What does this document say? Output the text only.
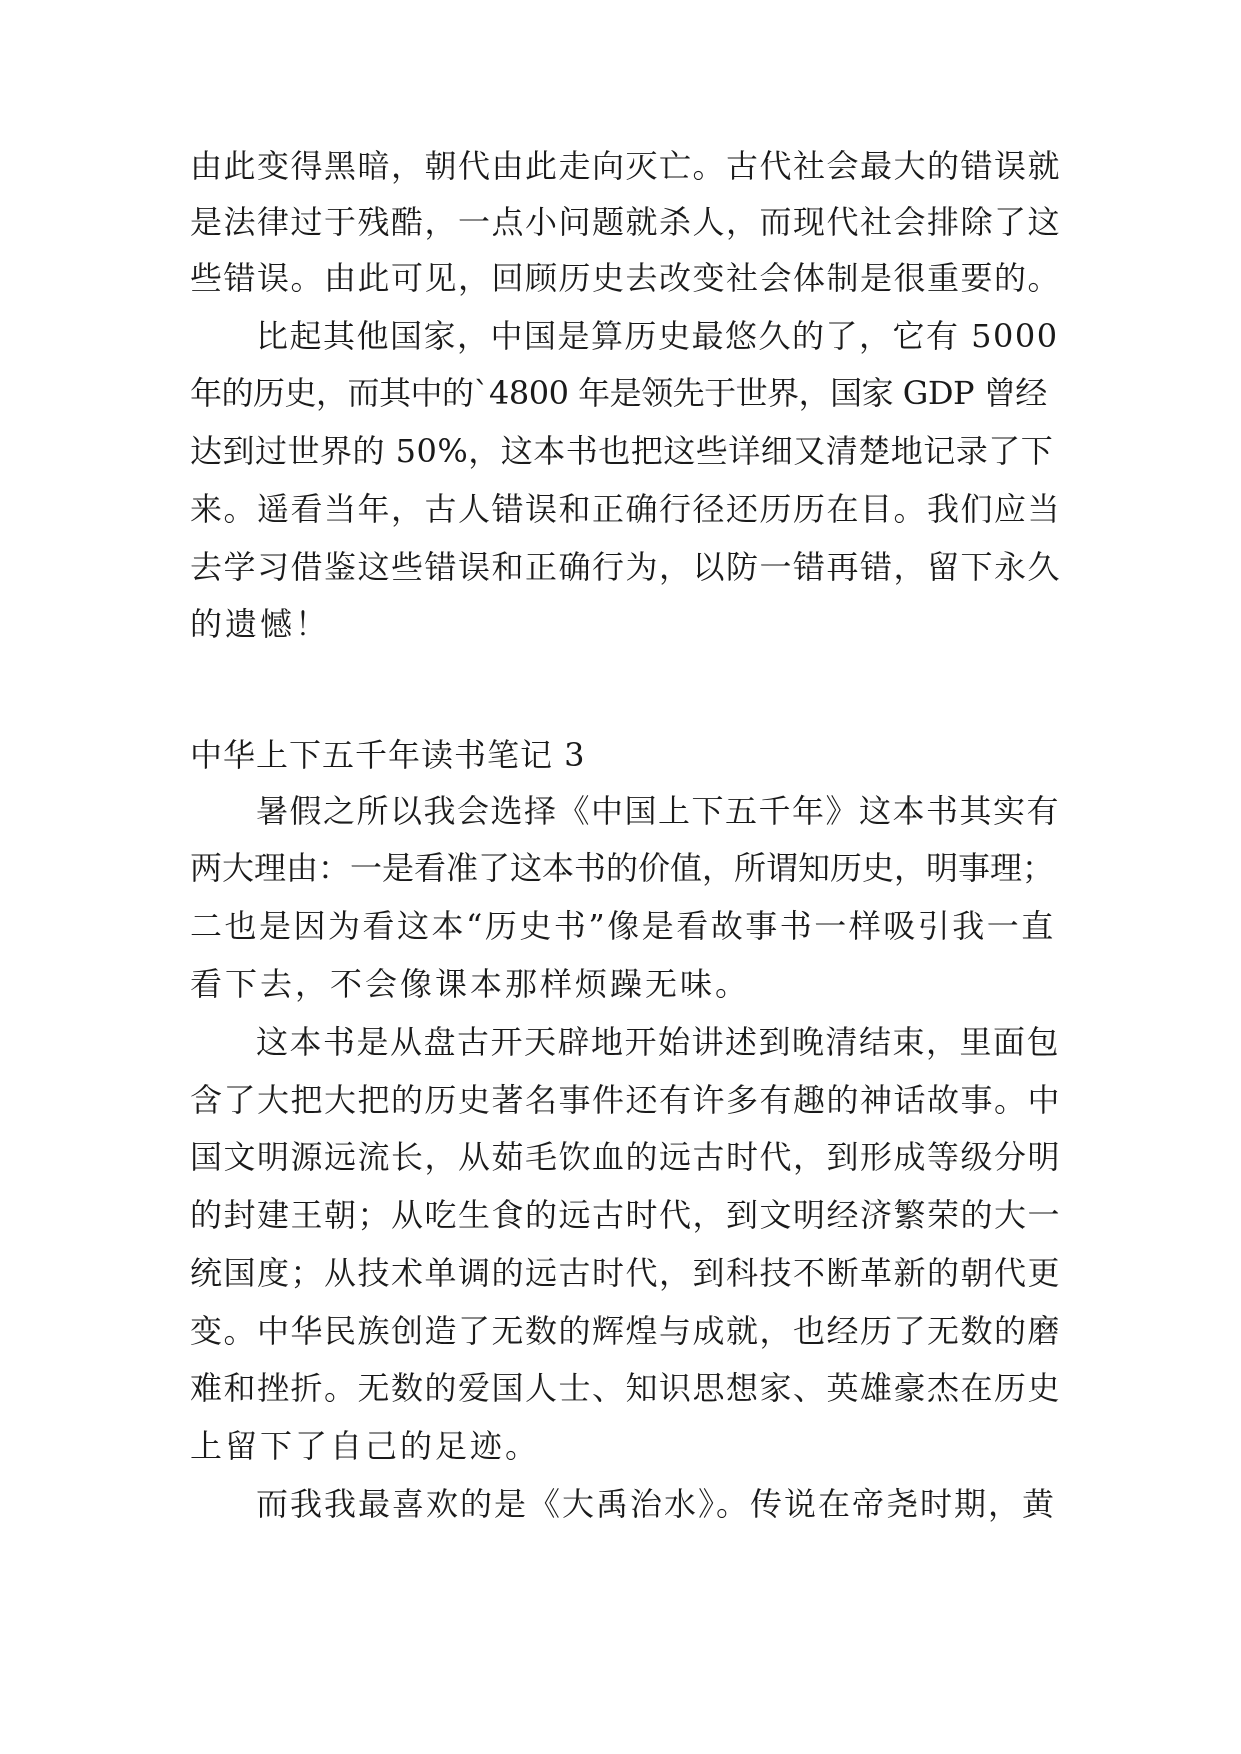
由此变得黑暗，朝代由此走向灭亡。古代社会最大的错误就
是法律过于残酷，一点小问题就杀人，而现代社会排除了这
些错误。由此可见，回顾历史去改变社会体制是很重要的。
比起其他国家，中国是算历史最悠久的了，它有 5000
年的历史，而其中的`4800 年是领先于世界，国家 GDP 曾经
达到过世界的 50%，这本书也把这些详细又清楚地记录了下
来。遥看当年，古人错误和正确行径还历历在目。我们应当
去学习借鉴这些错误和正确行为，以防一错再错，留下永久
的遗憾！
中华上下五千年读书笔记 3
暑假之所以我会选择《中国上下五千年》这本书其实有
两大理由：一是看准了这本书的价值，所谓知历史，明事理；
二也是因为看这本“历史书”像是看故事书一样吸引我一直
看下去，不会像课本那样烦躁无味。
这本书是从盘古开天辟地开始讲述到晚清结束，里面包
含了大把大把的历史著名事件还有许多有趣的神话故事。中
国文明源远流长，从茹毛饮血的远古时代，到形成等级分明
的封建王朝；从吃生食的远古时代，到文明经济繁荣的大一
统国度；从技术单调的远古时代，到科技不断革新的朝代更
变。中华民族创造了无数的辉煌与成就，也经历了无数的磨
难和挫折。无数的爱国人士、知识思想家、英雄豪杰在历史
上留下了自己的足迹。
而我我最喜欢的是《大禹治水》。传说在帝尧时期，黄
